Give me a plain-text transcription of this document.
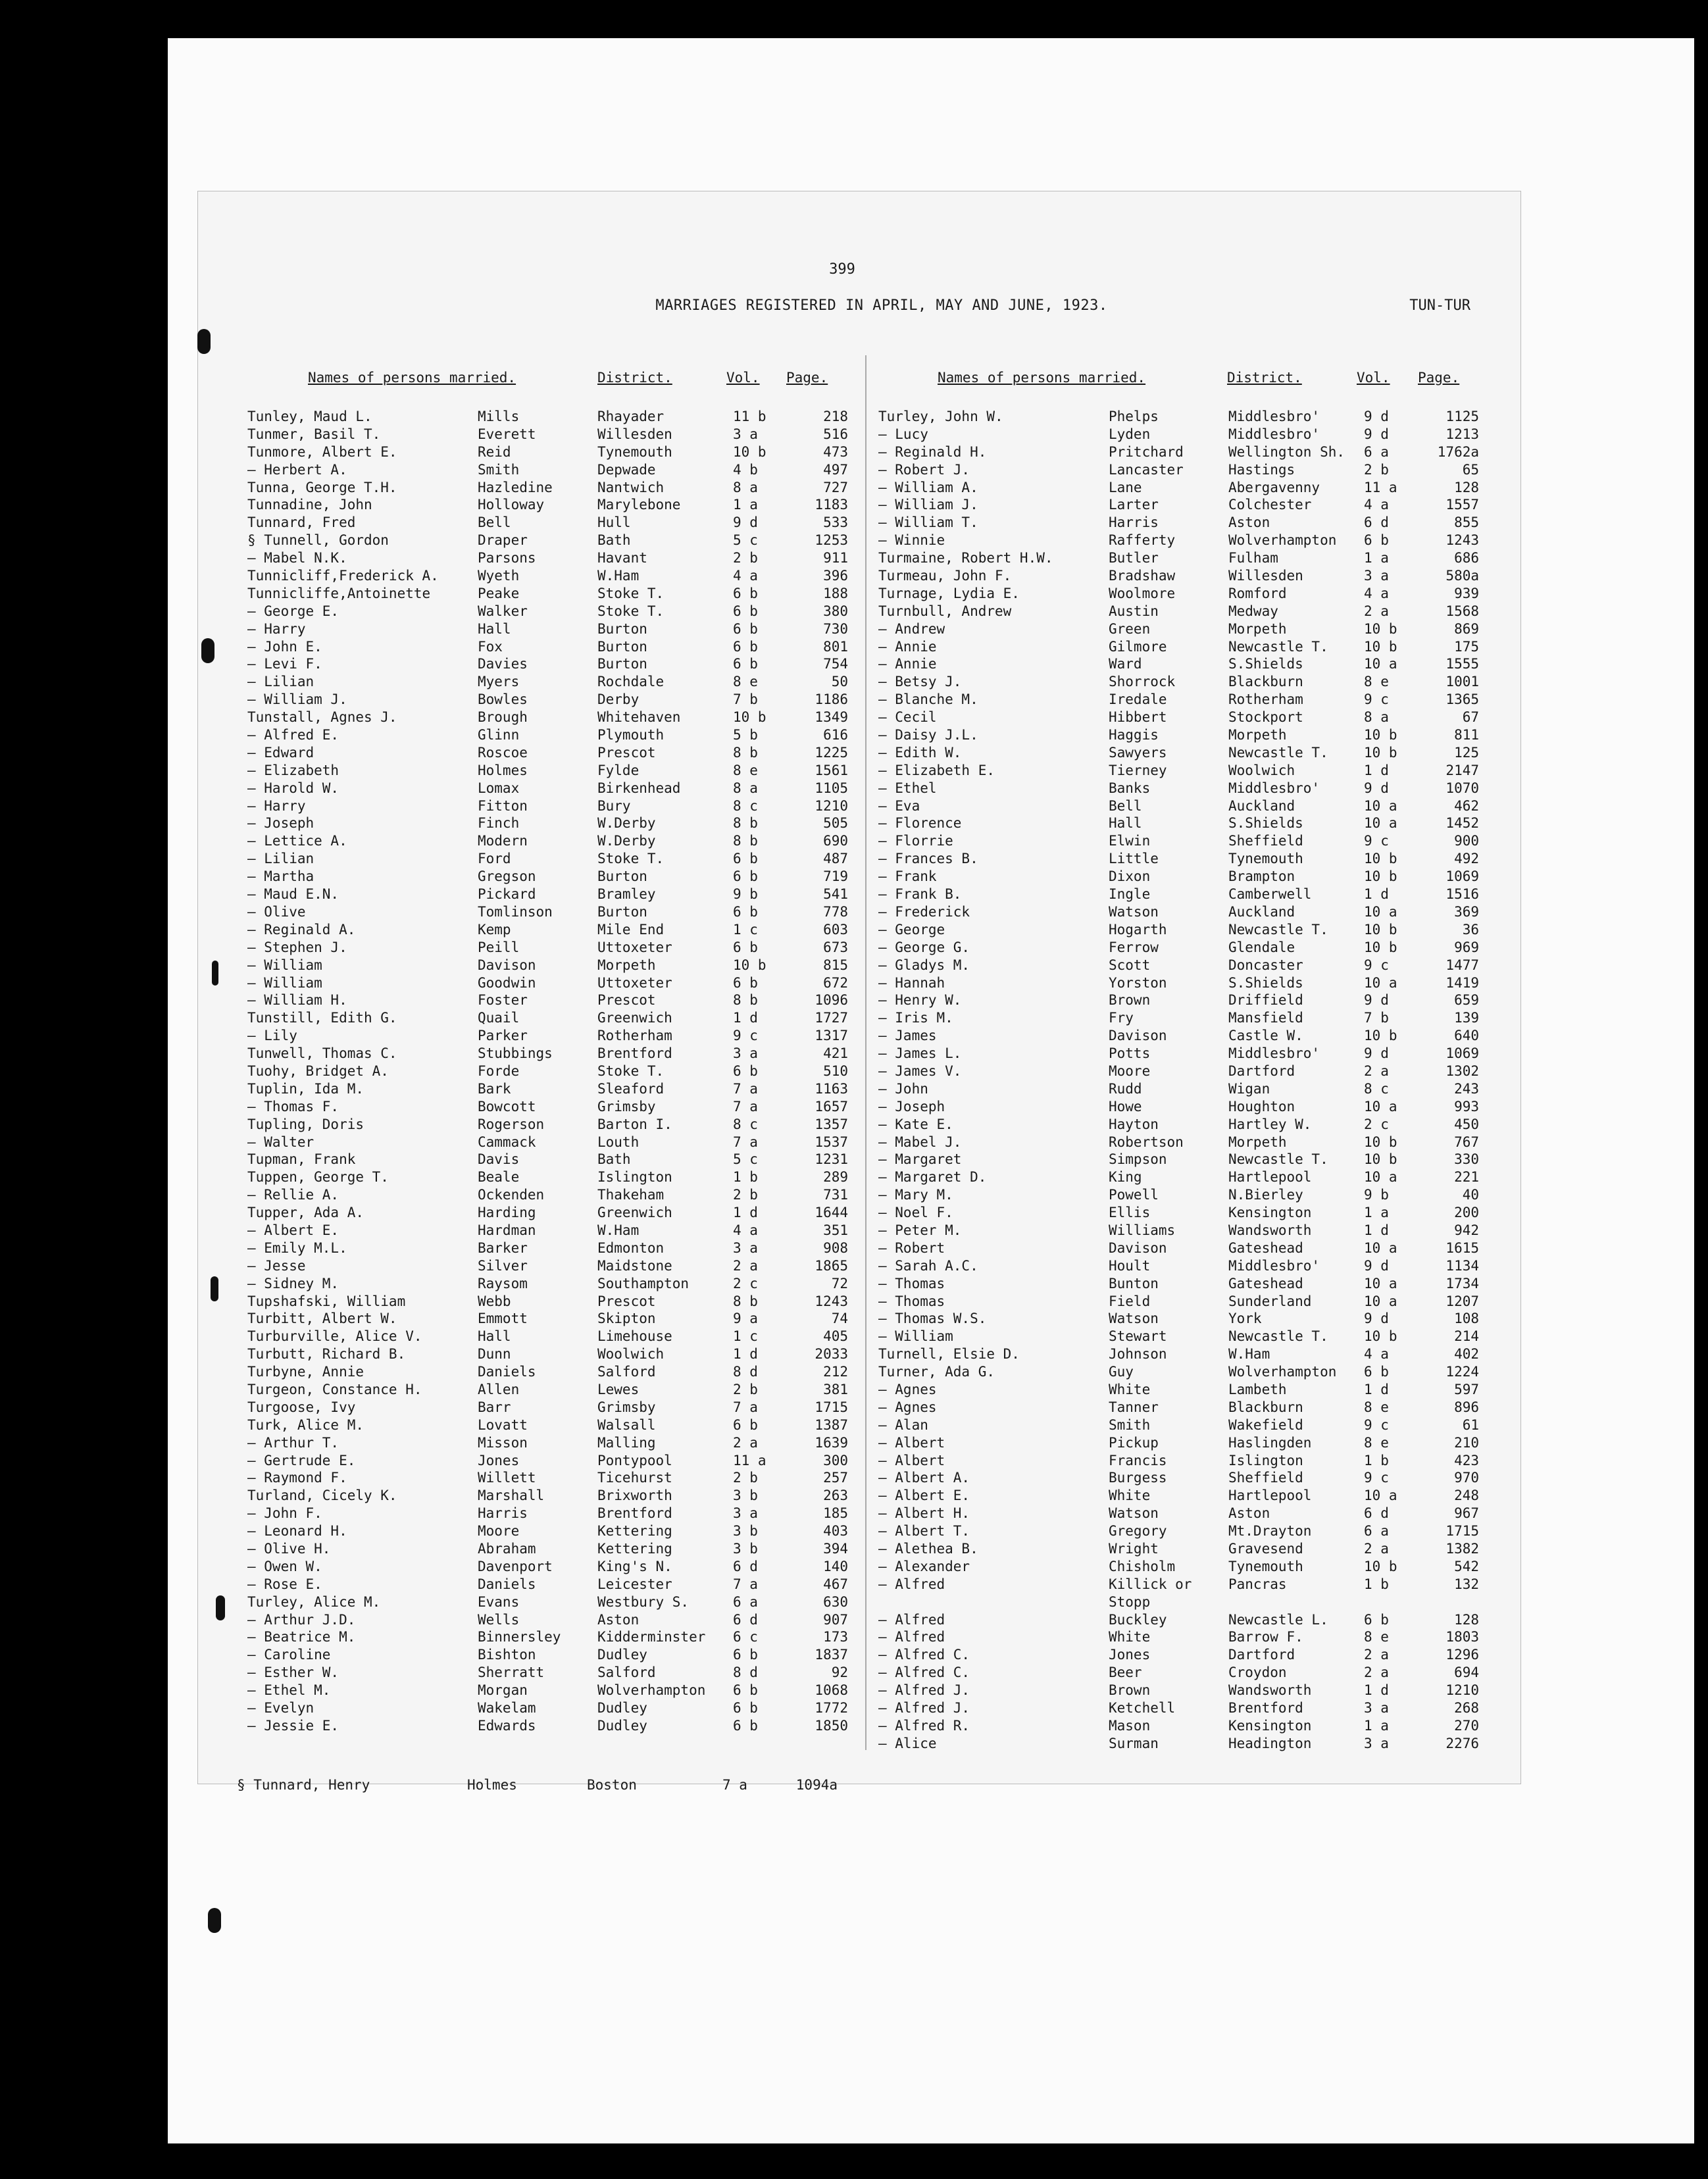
399
MARRIAGES REGISTERED IN APRIL, MAY AND JUNE, 1923.	TUN-TUR
Names of persons married.	District.	Vol. Page.	Names of persons married.	District.	Vol. Page.
Tunley, Maud L.	Mills	Rhayader	11 b	218
Tunmer, Basil T.	Everett	Willesden	3 a	516
Tunmore, Albert E.	Reid	Tynemouth	10 b	473
— Herbert A.	Smith	Depwade	4 b	497
Tunna, George T.H.	Hazledine	Nantwich	8 a	727
Tunnadine, John	Holloway	Marylebone	1 a	1183
Tunnard, Fred	Bell	Hull	9 d	533
§ Tunnell, Gordon	Draper	Bath	5 c	1253
— Mabel N.K.	Parsons	Havant	2 b	911
Tunnicliff,Frederick A.	Wyeth	W.Ham	4 a	396
Tunnicliffe,Antoinette	Peake	Stoke T.	6 b	188
— George E.	Walker	Stoke T.	6 b	380
— Harry	Hall	Burton	6 b	730
— John E.	Fox	Burton	6 b	801
— Levi F.	Davies	Burton	6 b	754
— Lilian	Myers	Rochdale	8 e	50
— William J.	Bowles	Derby	7 b	1186
Tunstall, Agnes J.	Brough	Whitehaven	10 b	1349
— Alfred E.	Glinn	Plymouth	5 b	616
— Edward	Roscoe	Prescot	8 b	1225
— Elizabeth	Holmes	Fylde	8 e	1561
— Harold W.	Lomax	Birkenhead	8 a	1105
— Harry	Fitton	Bury	8 c	1210
— Joseph	Finch	W.Derby	8 b	505
— Lettice A.	Modern	W.Derby	8 b	690
— Lilian	Ford	Stoke T.	6 b	487
— Martha	Gregson	Burton	6 b	719
— Maud E.N.	Pickard	Bramley	9 b	541
— Olive	Tomlinson	Burton	6 b	778
— Reginald A.	Kemp	Mile End	1 c	603
— Stephen J.	Peill	Uttoxeter	6 b	673
— William	Davison	Morpeth	10 b	815
— William	Goodwin	Uttoxeter	6 b	672
— William H.	Foster	Prescot	8 b	1096
Tunstill, Edith G.	Quail	Greenwich	1 d	1727
— Lily	Parker	Rotherham	9 c	1317
Tunwell, Thomas C.	Stubbings	Brentford	3 a	421
Tuohy, Bridget A.	Forde	Stoke T.	6 b	510
Tuplin, Ida M.	Bark	Sleaford	7 a	1163
— Thomas F.	Bowcott	Grimsby	7 a	1657
Tupling, Doris	Rogerson	Barton I.	8 c	1357
— Walter	Cammack	Louth	7 a	1537
Tupman, Frank	Davis	Bath	5 c	1231
Tuppen, George T.	Beale	Islington	1 b	289
— Rellie A.	Ockenden	Thakeham	2 b	731
Tupper, Ada A.	Harding	Greenwich	1 d	1644
— Albert E.	Hardman	W.Ham	4 a	351
— Emily M.L.	Barker	Edmonton	3 a	908
— Jesse	Silver	Maidstone	2 a	1865
— Sidney M.	Raysom	Southampton	2 c	72
Tupshafski, William	Webb	Prescot	8 b	1243
Turbitt, Albert W.	Emmott	Skipton	9 a	74
Turburville, Alice V.	Hall	Limehouse	1 c	405
Turbutt, Richard B.	Dunn	Woolwich	1 d	2033
Turbyne, Annie	Daniels	Salford	8 d	212
Turgeon, Constance H.	Allen	Lewes	2 b	381
Turgoose, Ivy	Barr	Grimsby	7 a	1715
Turk, Alice M.	Lovatt	Walsall	6 b	1387
— Arthur T.	Misson	Malling	2 a	1639
— Gertrude E.	Jones	Pontypool	11 a	300
— Raymond F.	Willett	Ticehurst	2 b	257
Turland, Cicely K.	Marshall	Brixworth	3 b	263
— John F.	Harris	Brentford	3 a	185
— Leonard H.	Moore	Kettering	3 b	403
— Olive H.	Abraham	Kettering	3 b	394
— Owen W.	Davenport	King's N.	6 d	140
— Rose E.	Daniels	Leicester	7 a	467
Turley, Alice M.	Evans	Westbury S.	6 a	630
— Arthur J.D.	Wells	Aston	6 d	907
— Beatrice M.	Binnersley	Kidderminster	6 c	173
— Caroline	Bishton	Dudley	6 b	1837
— Esther W.	Sherratt	Salford	8 d	92
— Ethel M.	Morgan	Wolverhampton	6 b	1068
— Evelyn	Wakelam	Dudley	6 b	1772
— Jessie E.	Edwards	Dudley	6 b	1850
Turley, John W.	Phelps	Middlesbro'	9 d	1125
— Lucy	Lyden	Middlesbro'	9 d	1213
— Reginald H.	Pritchard	Wellington Sh.	6 a	1762a
— Robert J.	Lancaster	Hastings	2 b	65
— William A.	Lane	Abergavenny	11 a	128
— William J.	Larter	Colchester	4 a	1557
— William T.	Harris	Aston	6 d	855
— Winnie	Rafferty	Wolverhampton	6 b	1243
Turmaine, Robert H.W.	Butler	Fulham	1 a	686
Turmeau, John F.	Bradshaw	Willesden	3 a	580a
Turnage, Lydia E.	Woolmore	Romford	4 a	939
Turnbull, Andrew	Austin	Medway	2 a	1568
— Andrew	Green	Morpeth	10 b	869
— Annie	Gilmore	Newcastle T.	10 b	175
— Annie	Ward	S.Shields	10 a	1555
— Betsy J.	Shorrock	Blackburn	8 e	1001
— Blanche M.	Iredale	Rotherham	9 c	1365
— Cecil	Hibbert	Stockport	8 a	67
— Daisy J.L.	Haggis	Morpeth	10 b	811
— Edith W.	Sawyers	Newcastle T.	10 b	125
— Elizabeth E.	Tierney	Woolwich	1 d	2147
— Ethel	Banks	Middlesbro'	9 d	1070
— Eva	Bell	Auckland	10 a	462
— Florence	Hall	S.Shields	10 a	1452
— Florrie	Elwin	Sheffield	9 c	900
— Frances B.	Little	Tynemouth	10 b	492
— Frank	Dixon	Brampton	10 b	1069
— Frank B.	Ingle	Camberwell	1 d	1516
— Frederick	Watson	Auckland	10 a	369
— George	Hogarth	Newcastle T.	10 b	36
— George G.	Ferrow	Glendale	10 b	969
— Gladys M.	Scott	Doncaster	9 c	1477
— Hannah	Yorston	S.Shields	10 a	1419
— Henry W.	Brown	Driffield	9 d	659
— Iris M.	Fry	Mansfield	7 b	139
— James	Davison	Castle W.	10 b	640
— James L.	Potts	Middlesbro'	9 d	1069
— James V.	Moore	Dartford	2 a	1302
— John	Rudd	Wigan	8 c	243
— Joseph	Howe	Houghton	10 a	993
— Kate E.	Hayton	Hartley W.	2 c	450
— Mabel J.	Robertson	Morpeth	10 b	767
— Margaret	Simpson	Newcastle T.	10 b	330
— Margaret D.	King	Hartlepool	10 a	221
— Mary M.	Powell	N.Bierley	9 b	40
— Noel F.	Ellis	Kensington	1 a	200
— Peter M.	Williams	Wandsworth	1 d	942
— Robert	Davison	Gateshead	10 a	1615
— Sarah A.C.	Hoult	Middlesbro'	9 d	1134
— Thomas	Bunton	Gateshead	10 a	1734
— Thomas	Field	Sunderland	10 a	1207
— Thomas W.S.	Watson	York	9 d	108
— William	Stewart	Newcastle T.	10 b	214
Turnell, Elsie D.	Johnson	W.Ham	4 a	402
Turner, Ada G.	Guy	Wolverhampton	6 b	1224
— Agnes	White	Lambeth	1 d	597
— Agnes	Tanner	Blackburn	8 e	896
— Alan	Smith	Wakefield	9 c	61
— Albert	Pickup	Haslingden	8 e	210
— Albert	Francis	Islington	1 b	423
— Albert A.	Burgess	Sheffield	9 c	970
— Albert E.	White	Hartlepool	10 a	248
— Albert H.	Watson	Aston	6 d	967
— Albert T.	Gregory	Mt.Drayton	6 a	1715
— Alethea B.	Wright	Gravesend	2 a	1382
— Alexander	Chisholm	Tynemouth	10 b	542
— Alfred	Killick or	Pancras	1 b	132
Stopp
— Alfred	Buckley	Newcastle L.	6 b	128
— Alfred	White	Barrow F.	8 e	1803
— Alfred C.	Jones	Dartford	2 a	1296
— Alfred C.	Beer	Croydon	2 a	694
— Alfred J.	Brown	Wandsworth	1 d	1210
— Alfred J.	Ketchell	Brentford	3 a	268
— Alfred R.	Mason	Kensington	1 a	270
— Alice	Surman	Headington	3 a	2276
§ Tunnard, Henry	Holmes	Boston	7 a	1094a
